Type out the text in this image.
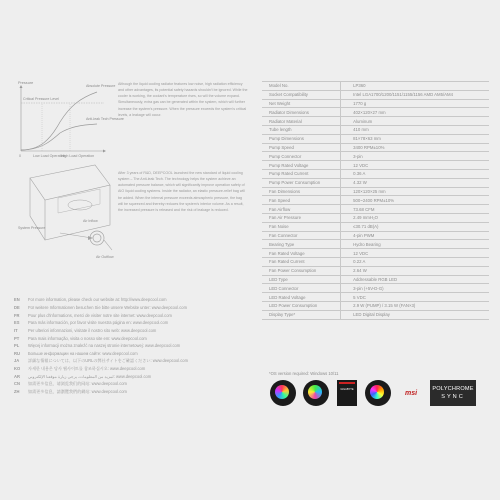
Pressure
Critical Pressure Level
Absolute Pressure
Anti-leak Tech Pressure
0	Low Load Operation
High Load Operation
System Pressure
Air Inflow
Air Outflow
Although the liquid cooling radiator features low noise, high radiation efficiency and other advantages, its potential safety hazards shouldn't be ignored. While the cooler is working, the coolant's temperature rises, so will the volume expand. Simultaneously, extra gas can be generated within the system, which will further increase the system's pressure. When the pressure exceeds the system's critical levels, a leakage will occur.
After 3 years of R&D, DEEPCOOL launched the new standard of liquid cooling system – The Anti-leak Tech. The technology helps the system achieve an automated pressure balance, which will significantly improve operation safety of AIO liquid cooling systems. Inside the radiator, an elastic pressure-relief bag will be added. When the internal pressure exceeds atmospheric pressure, the bag will be squeezed and thereby reduces the system's interior volume. As a result, the increased pressure is released and the risk of leakage is reduced.
EN	For more information, please check our website at: http://www.deepcool.com
DE	Für weitere Informationen besuchen Sie bitte unsere Website unter: www.deepcool.com
FR	Pour plus d'informations, merci de visiter notre site internet: www.deepcool.com
ES	Para más información, por favor visite nuestra página en: www.deepcool.com
IT	Per ulteriori informazioni, visitate il nostro sito web: www.deepcool.com
PT	Para mais informação, visita o nosso site em: www.deepcool.com
PL	Więcej informacji można znaleźć na naszej stronie internetowej: www.deepcool.com
RU	Больше информации на нашем сайте: www.deepcool.com
JA	詳細な情報については、以下のURLの弊社サイトをご確認ください: www.deepcool.com
KO	자세한 내용은 당사 웹사이트를 참조하십시오: www.deepcool.com
AR	لمزيد من المعلومات، يرجى زيارة موقعنا الإلكتروني: www.deepcool.com
CN	如需更多信息，请浏览我们的网站: www.deepcool.com
ZH	如需更多信息，請瀏覽我們的網站: www.deepcool.com
Model No.	LP360
Socket Compatibility	Intel LGA1700/1200/1151/1155/1156 AMD AM5/AM4
Net Weight	1770 g
Radiator Dimensions	402×120×27 mm
Radiator Material	Aluminum
Tube length	410 mm
Pump Dimensions	81×78×63 mm
Pump Speed	3400 RPM±10%
Pump Connector	3-pin
Pump Rated Voltage	12 VDC
Pump Rated Current	0.36 A
Pump Power Consumption	4.32 W
Fan Dimensions	120×120×25 mm
Fan Speed	500~2400 RPM±10%
Fan Airflow	73.68 CFM
Fan Air Pressure	2.49 mmH₂O
Fan Noise	≤30.71 dB(A)
Fan Connector	4-pin PWM
Bearing Type	Hydro Bearing
Fan Rated Voltage	12 VDC
Fan Rated Current	0.22 A
Fan Power Consumption	2.64 W
LED Type	Addressable RGB LED
LED Connector	3-pin (+5V-D-G)
LED Rated Voltage	5 VDC
LED Power Consumption	2.9 W (PUMP) / 3.15 W (FAN×3)
Display Type*	LED Digital Display
*OS version required: Windows 10/11
GIGABYTE
msi
POLYCHROME
SYNC
